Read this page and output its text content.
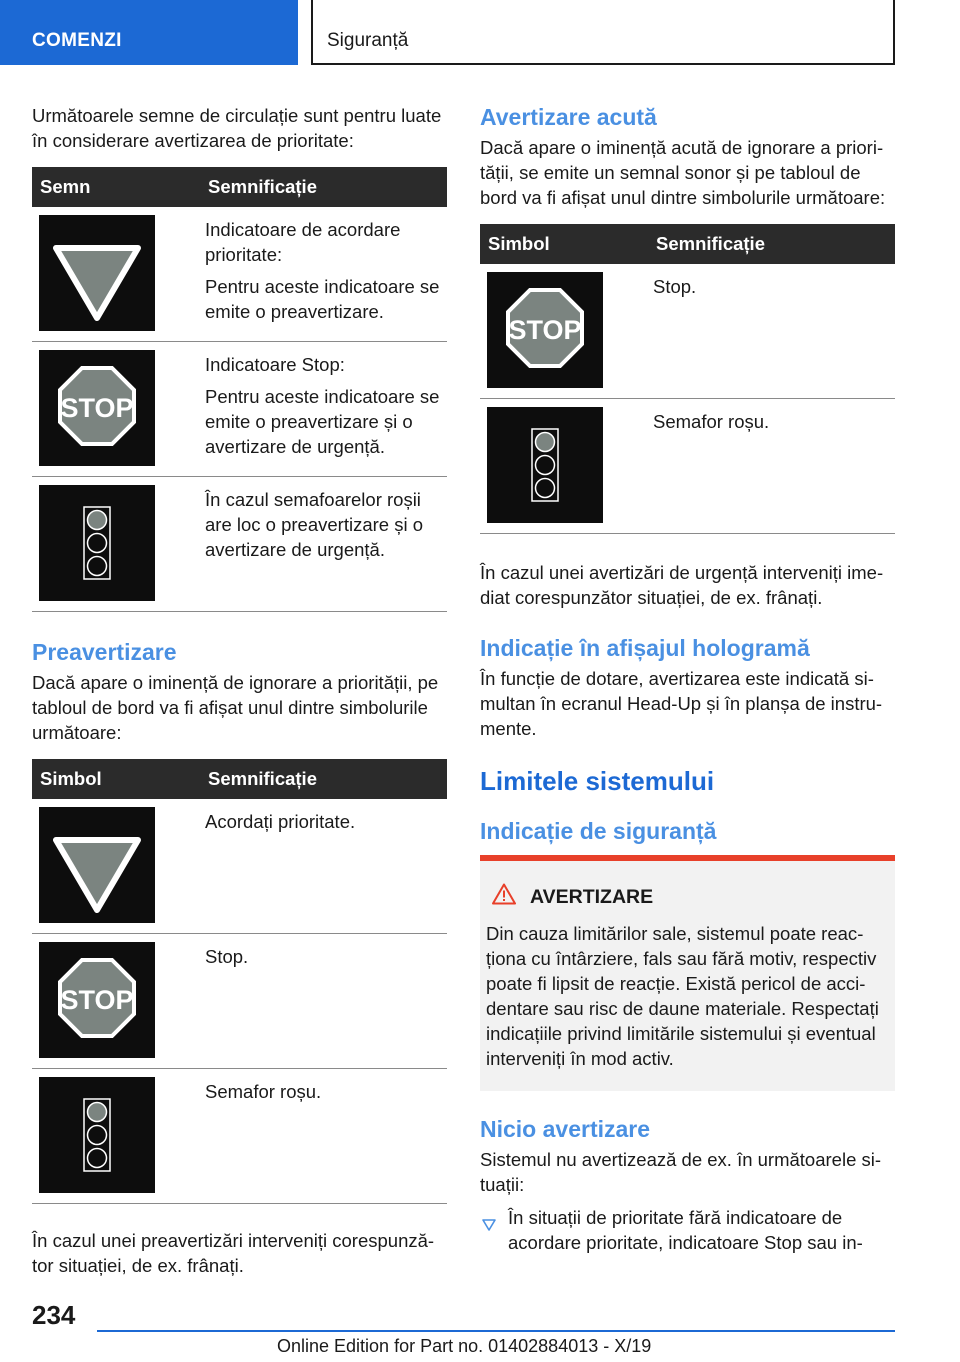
COMENZI	Siguranță

Următoarele semne de circulație sunt pentru luate în considerare avertizarea de prioritate:

Semn	Semnificație

Indicatoare de acordare prioritate:

Pentru aceste indicatoare se emite o preavertizare.

STOP	Indicatoare Stop:

Pentru aceste indicatoare se emite o preavertizare și o avertizare de urgență.

În cazul semafoarelor roșii are loc o preavertizare și o avertizare de urgență.

Preavertizare

Dacă apare o iminență de ignorare a priorității, pe tabloul de bord va fi afișat unul dintre simbolurile următoare:

Simbol	Semnificație

Acordați prioritate.

STOP	Stop.

Semafor roșu.

În cazul unei preavertizări interveniți corespunzător situației, de ex. frânați.

Avertizare acută

Dacă apare o iminență acută de ignorare a priorității, se emite un semnal sonor și pe tabloul de bord va fi afișat unul dintre simbolurile următoare:

Simbol	Semnificație

STOP	Stop.

Semafor roșu.

În cazul unei avertizări de urgență interveniți imediat corespunzător situației, de ex. frânați.

Indicație în afișajul hologramă

În funcție de dotare, avertizarea este indicată simultan în ecranul Head-Up și în planșa de instrumente.

Limitele sistemului
Indicație de siguranță
AVERTIZARE

Din cauza limitărilor sale, sistemul poate reacționa cu întârziere, fals sau fără motiv, respectiv poate fi lipsit de reacție. Există pericol de accidentare sau risc de daune materiale. Respectați indicațiile privind limitările sistemului și eventual interveniți în mod activ.

Nicio avertizare

Sistemul nu avertizează de ex. în următoarele situații:

În situații de prioritate fără indicatoare de acordare prioritate, indicatoare Stop sau in-
234
Online Edition for Part no. 01402884013 - X/19
